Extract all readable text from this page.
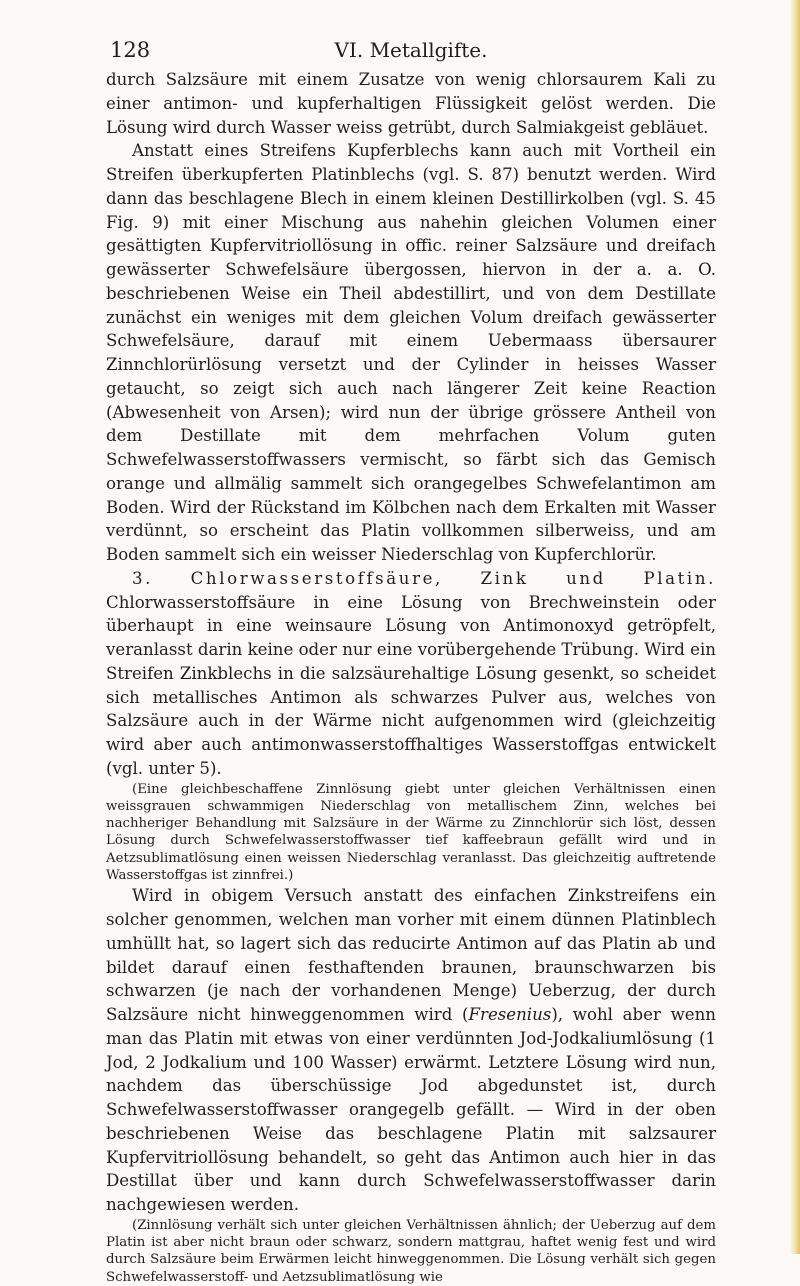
128	VI. Metallgifte.

durch Salzsäure mit einem Zusatze von wenig chlorsaurem Kali zu einer antimon- und kupferhaltigen Flüssigkeit gelöst werden. Die Lösung wird durch Wasser weiss getrübt, durch Salmiakgeist gebläuet.

Anstatt eines Streifens Kupferblechs kann auch mit Vortheil ein Streifen überkupferten Platinblechs (vgl. S. 87) benutzt werden. Wird dann das beschlagene Blech in einem kleinen Destillirkolben (vgl. S. 45 Fig. 9) mit einer Mischung aus nahehin gleichen Volumen einer gesättigten Kupfervitriollösung in offic. reiner Salzsäure und dreifach gewässerter Schwefelsäure übergossen, hiervon in der a. a. O. beschriebenen Weise ein Theil abdestillirt, und von dem Destillate zunächst ein weniges mit dem gleichen Volum dreifach gewässerter Schwefelsäure, darauf mit einem Uebermaass übersaurer Zinnchlorürlösung versetzt und der Cylinder in heisses Wasser getaucht, so zeigt sich auch nach längerer Zeit keine Reaction (Abwesenheit von Arsen); wird nun der übrige grössere Antheil von dem Destillate mit dem mehrfachen Volum guten Schwefelwasserstoffwassers vermischt, so färbt sich das Gemisch orange und allmälig sammelt sich orangegelbes Schwefelantimon am Boden. Wird der Rückstand im Kölbchen nach dem Erkalten mit Wasser verdünnt, so erscheint das Platin vollkommen silberweiss, und am Boden sammelt sich ein weisser Niederschlag von Kupferchlorür.

3. Chlorwasserstoffsäure, Zink und Platin. Chlorwasserstoffsäure in eine Lösung von Brechweinstein oder überhaupt in eine weinsaure Lösung von Antimonoxyd getröpfelt, veranlasst darin keine oder nur eine vorübergehende Trübung. Wird ein Streifen Zinkblechs in die salzsäurehaltige Lösung gesenkt, so scheidet sich metallisches Antimon als schwarzes Pulver aus, welches von Salzsäure auch in der Wärme nicht aufgenommen wird (gleichzeitig wird aber auch antimonwasserstoffhaltiges Wasserstoffgas entwickelt (vgl. unter 5).

(Eine gleichbeschaffene Zinnlösung giebt unter gleichen Verhältnissen einen weissgrauen schwammigen Niederschlag von metallischem Zinn, welches bei nachheriger Behandlung mit Salzsäure in der Wärme zu Zinnchlorür sich löst, dessen Lösung durch Schwefelwasserstoffwasser tief kaffeebraun gefällt wird und in Aetzsublimatlösung einen weissen Niederschlag veranlasst. Das gleichzeitig auftretende Wasserstoffgas ist zinnfrei.)

Wird in obigem Versuch anstatt des einfachen Zinkstreifens ein solcher genommen, welchen man vorher mit einem dünnen Platinblech umhüllt hat, so lagert sich das reducirte Antimon auf das Platin ab und bildet darauf einen festhaftenden braunen, braunschwarzen bis schwarzen (je nach der vorhandenen Menge) Ueberzug, der durch Salzsäure nicht hinweggenommen wird (Fresenius), wohl aber wenn man das Platin mit etwas von einer verdünnten Jod-Jodkaliumlösung (1 Jod, 2 Jodkalium und 100 Wasser) erwärmt. Letztere Lösung wird nun, nachdem das überschüssige Jod abgedunstet ist, durch Schwefelwasserstoffwasser orangegelb gefällt. — Wird in der oben beschriebenen Weise das beschlagene Platin mit salzsaurer Kupfervitriollösung behandelt, so geht das Antimon auch hier in das Destillat über und kann durch Schwefelwasserstoffwasser darin nachgewiesen werden.

(Zinnlösung verhält sich unter gleichen Verhältnissen ähnlich; der Ueberzug auf dem Platin ist aber nicht braun oder schwarz, sondern mattgrau, haftet wenig fest und wird durch Salzsäure beim Erwärmen leicht hinweggenommen. Die Lösung verhält sich gegen Schwefelwasserstoff- und Aetzsublimatlösung wie
